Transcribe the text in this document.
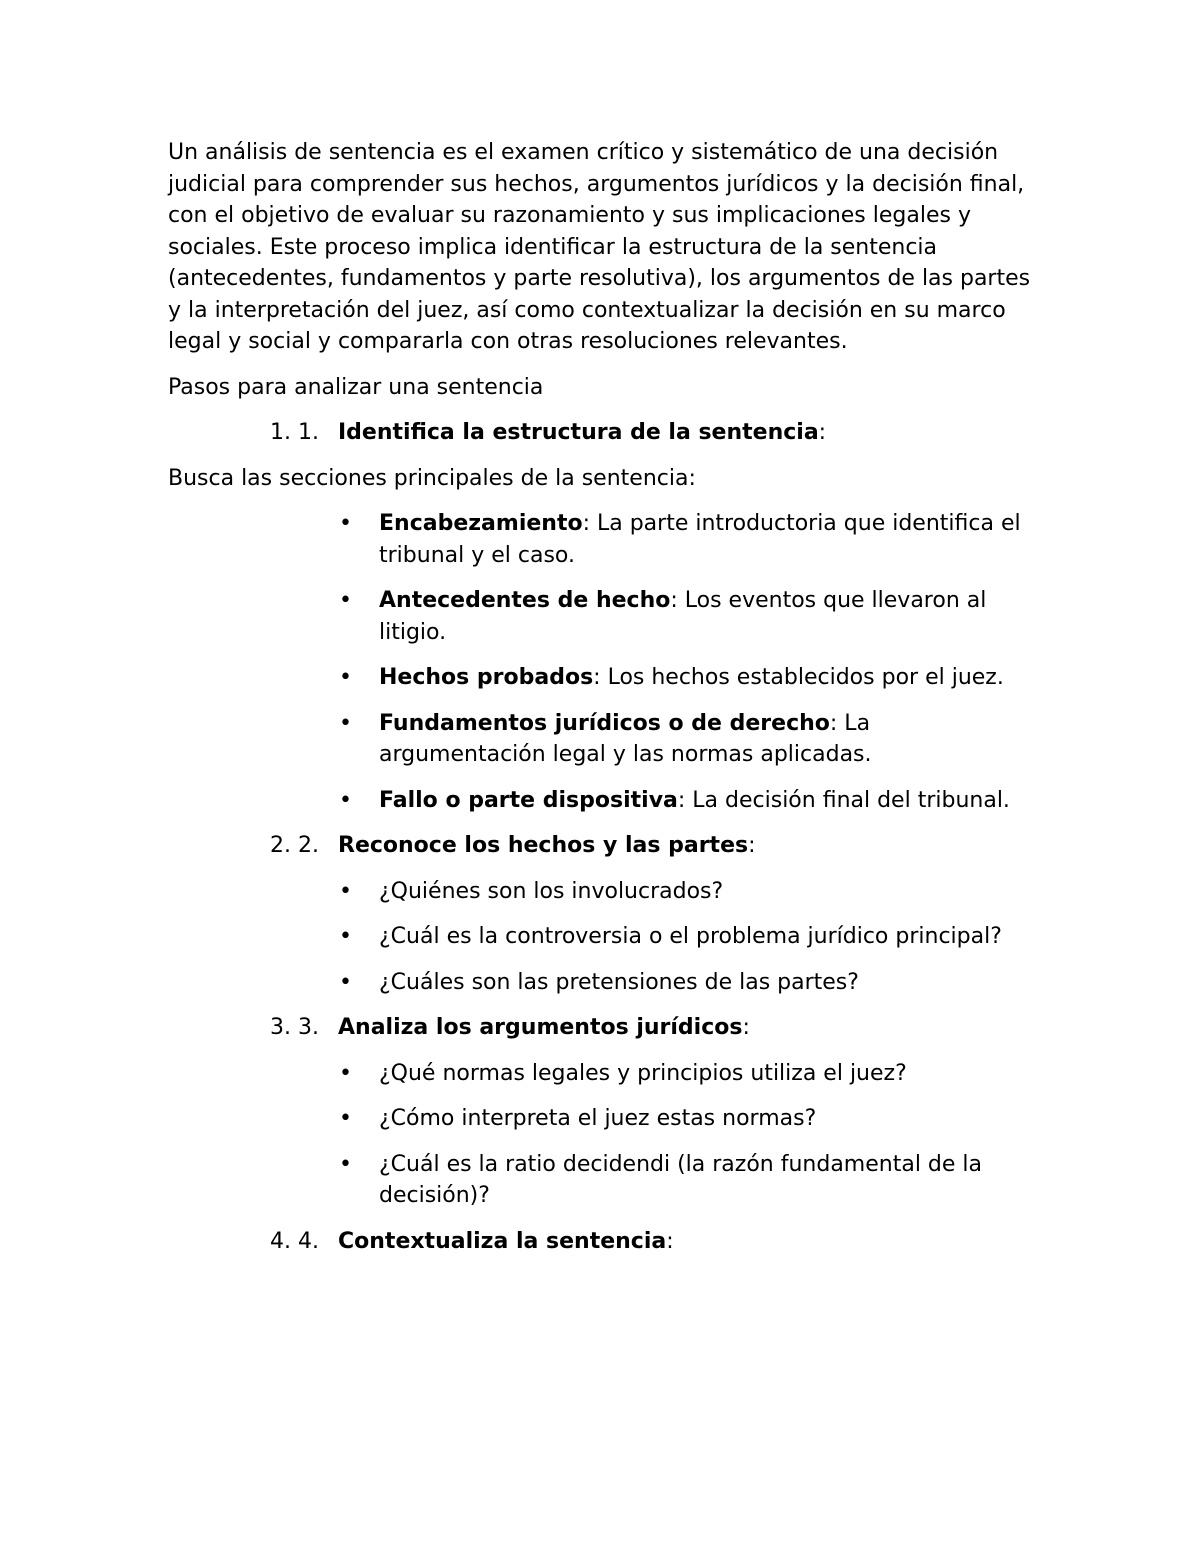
Un análisis de sentencia es el examen crítico y sistemático de una decisión judicial para comprender sus hechos, argumentos jurídicos y la decisión final, con el objetivo de evaluar su razonamiento y sus implicaciones legales y sociales. Este proceso implica identificar la estructura de la sentencia (antecedentes, fundamentos y parte resolutiva), los argumentos de las partes y la interpretación del juez, así como contextualizar la decisión en su marco legal y social y compararla con otras resoluciones relevantes.

Pasos para analizar una sentencia

1. 1. Identifica la estructura de la sentencia:

Busca las secciones principales de la sentencia:

• Encabezamiento: La parte introductoria que identifica el tribunal y el caso.
• Antecedentes de hecho: Los eventos que llevaron al litigio.
• Hechos probados: Los hechos establecidos por el juez.
• Fundamentos jurídicos o de derecho: La argumentación legal y las normas aplicadas.
• Fallo o parte dispositiva: La decisión final del tribunal.
2. 2. Reconoce los hechos y las partes:
• ¿Quiénes son los involucrados?
• ¿Cuál es la controversia o el problema jurídico principal?
• ¿Cuáles son las pretensiones de las partes?
3. 3. Analiza los argumentos jurídicos:
• ¿Qué normas legales y principios utiliza el juez?
• ¿Cómo interpreta el juez estas normas?
• ¿Cuál es la ratio decidendi (la razón fundamental de la decisión)?
4. 4. Contextualiza la sentencia:
